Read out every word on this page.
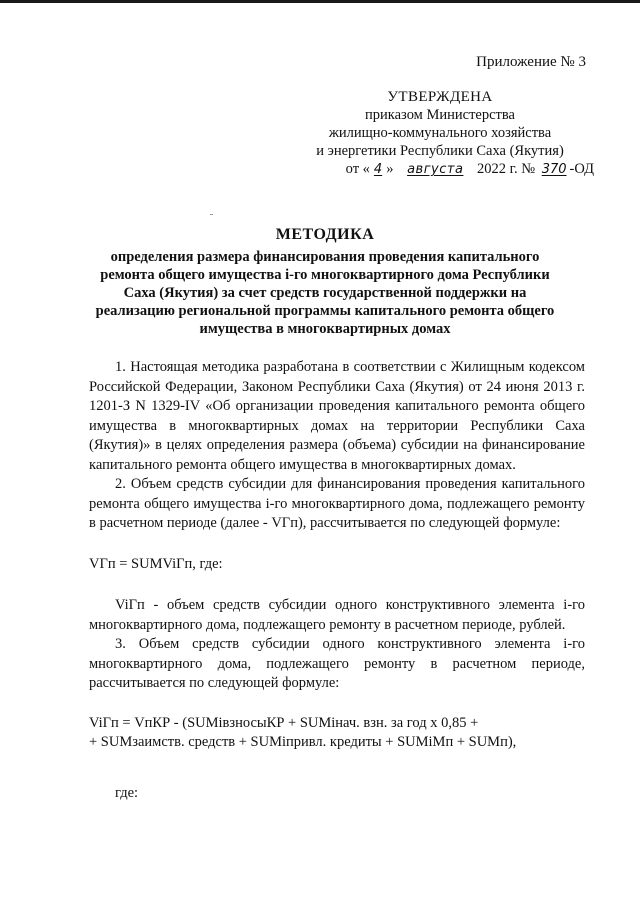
Приложение № 3
УТВЕРЖДЕНА
приказом Министерства
жилищно-коммунального хозяйства
и энергетики Республики Саха (Якутия)
от « 4 » августа 2022 г. № 370 -ОД
МЕТОДИКА
определения размера финансирования проведения капитального
ремонта общего имущества i-го многоквартирного дома Республики
Саха (Якутия) за счет средств государственной поддержки на
реализацию региональной программы капитального ремонта общего
имущества в многоквартирных домах

1. Настоящая методика разработана в соответствии с Жилищным кодексом Российской Федерации, Законом Республики Саха (Якутия) от 24 июня 2013 г. 1201-З N 1329-IV «Об организации проведения капитального ремонта общего имущества в многоквартирных домах на территории Республики Саха (Якутия)» в целях определения размера (объема) субсидии на финансирование капитального ремонта общего имущества в многоквартирных домах.

2. Объем средств субсидии для финансирования проведения капитального ремонта общего имущества i-го многоквартирного дома, подлежащего ремонту в расчетном периоде (далее - VГп), рассчитывается по следующей формуле:

VГп = SUMViГп, где:

ViГп - объем средств субсидии одного конструктивного элемента i-го многоквартирного дома, подлежащего ремонту в расчетном периоде, рублей.

3. Объем средств субсидии одного конструктивного элемента i-го многоквартирного дома, подлежащего ремонту в расчетном периоде, рассчитывается по следующей формуле:

ViГп = VпКР - (SUMiвзносыКР + SUMiнач. взн. за год x 0,85 +

+ SUMзаимств. средств + SUMiпривл. кредиты + SUMiМп + SUMп),

где:
